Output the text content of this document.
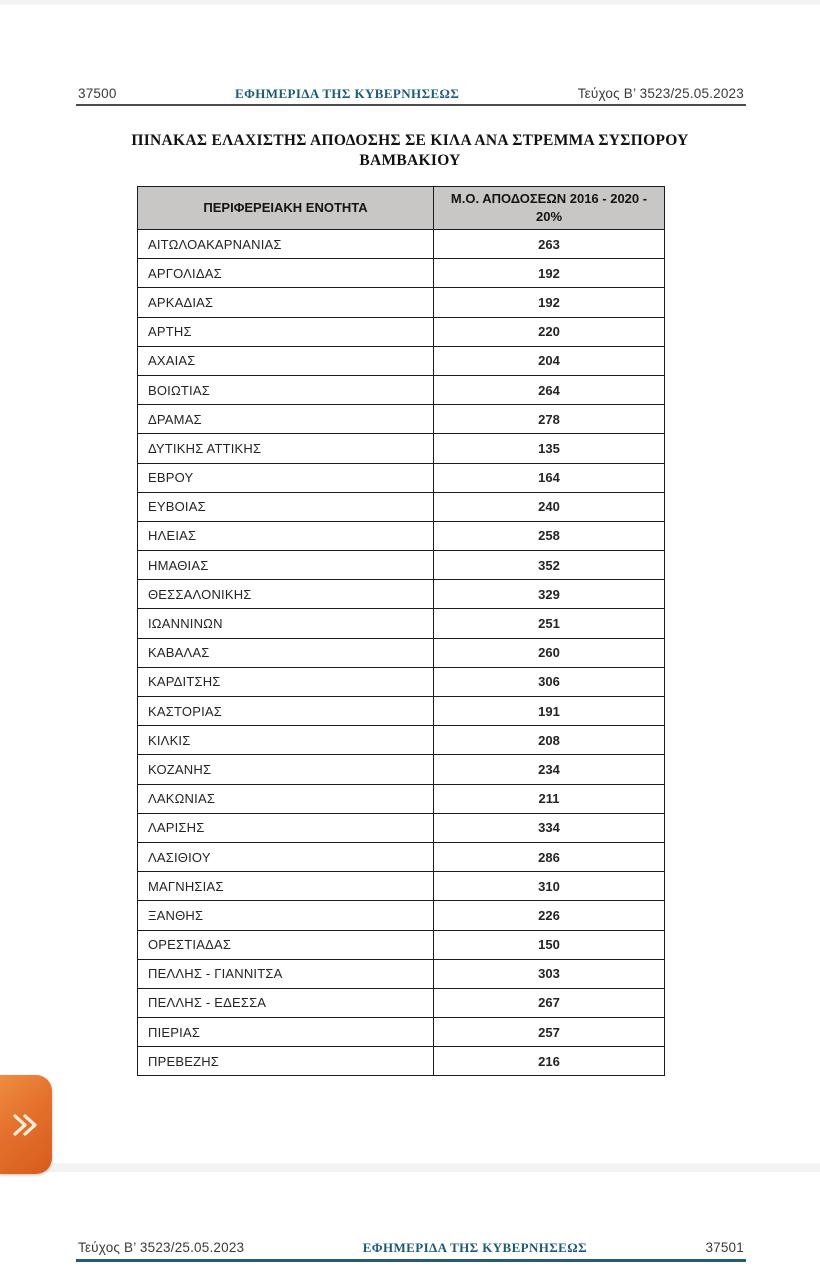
37500	ΕΦΗΜΕΡΙΔΑ ΤΗΣ ΚΥΒΕΡΝΗΣΕΩΣ	Τεύχος Β’ 3523/25.05.2023
ΠΙΝΑΚΑΣ ΕΛΑΧΙΣΤΗΣ ΑΠΟΔΟΣΗΣ ΣΕ ΚΙΛΑ ΑΝΑ ΣΤΡΕΜΜΑ ΣΥΣΠΟΡΟΥ ΒΑΜΒΑΚΙΟΥ
ΠΕΡΙΦΕΡΕΙΑΚΗ ΕΝΟΤΗΤΑ	Μ.Ο. ΑΠΟΔΟΣΕΩΝ 2016 - 2020 - 20%
ΑΙΤΩΛΟΑΚΑΡΝΑΝΙΑΣ	263
ΑΡΓΟΛΙΔΑΣ	192
ΑΡΚΑΔΙΑΣ	192
ΑΡΤΗΣ	220
ΑΧΑΙΑΣ	204
ΒΟΙΩΤΙΑΣ	264
ΔΡΑΜΑΣ	278
ΔΥΤΙΚΗΣ ΑΤΤΙΚΗΣ	135
ΕΒΡΟΥ	164
ΕΥΒΟΙΑΣ	240
ΗΛΕΙΑΣ	258
ΗΜΑΘΙΑΣ	352
ΘΕΣΣΑΛΟΝΙΚΗΣ	329
ΙΩΑΝΝΙΝΩΝ	251
ΚΑΒΑΛΑΣ	260
ΚΑΡΔΙΤΣΗΣ	306
ΚΑΣΤΟΡΙΑΣ	191
ΚΙΛΚΙΣ	208
ΚΟΖΑΝΗΣ	234
ΛΑΚΩΝΙΑΣ	211
ΛΑΡΙΣΗΣ	334
ΛΑΣΙΘΙΟΥ	286
ΜΑΓΝΗΣΙΑΣ	310
ΞΑΝΘΗΣ	226
ΟΡΕΣΤΙΑΔΑΣ	150
ΠΕΛΛΗΣ - ΓΙΑΝΝΙΤΣΑ	303
ΠΕΛΛΗΣ - ΕΔΕΣΣΑ	267
ΠΙΕΡΙΑΣ	257
ΠΡΕΒΕΖΗΣ	216
Τεύχος Β’ 3523/25.05.2023	ΕΦΗΜΕΡΙΔΑ ΤΗΣ ΚΥΒΕΡΝΗΣΕΩΣ	37501
